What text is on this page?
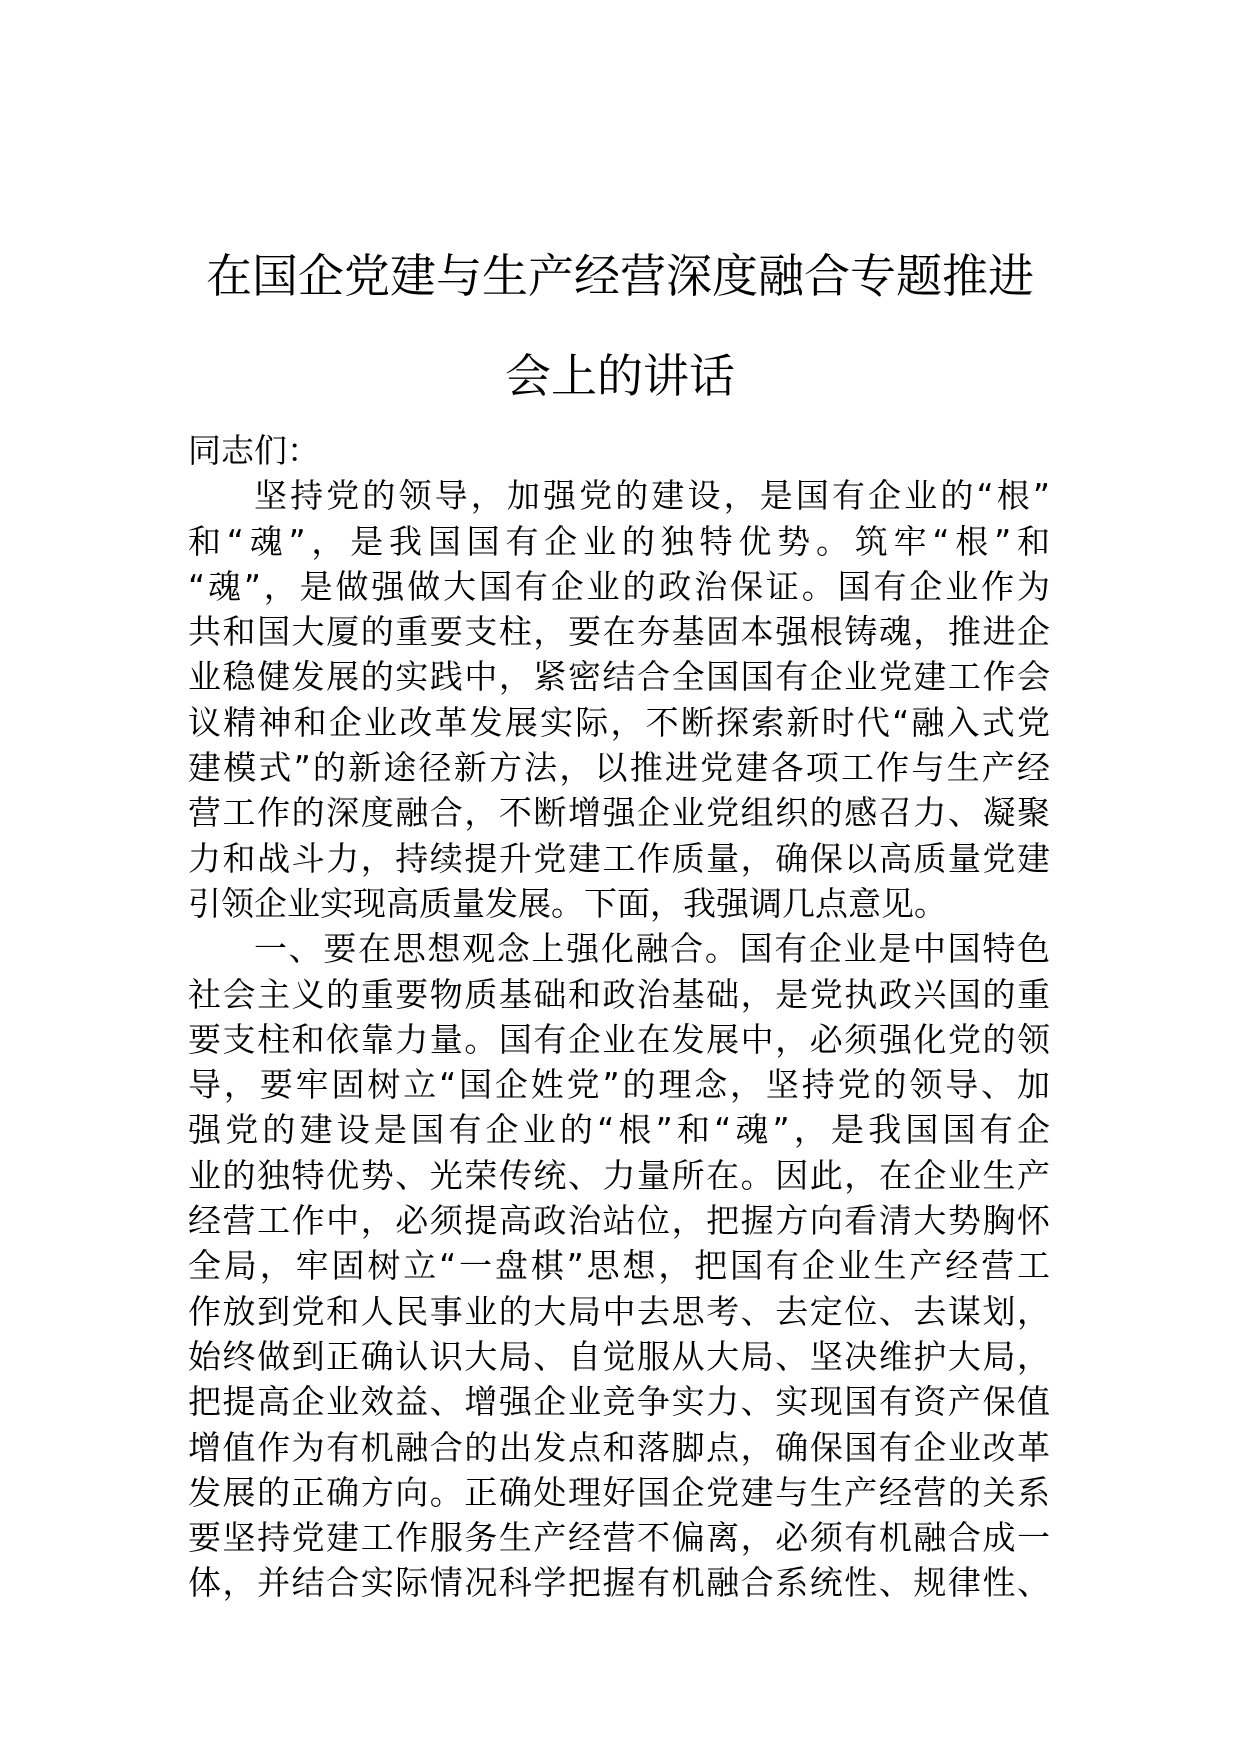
在国企党建与生产经营深度融合专题推进
会上的讲话
同志们：
坚持党的领导，加强党的建设，是国有企业的“根”
和“魂”，是我国国有企业的独特优势。筑牢“根”和
“魂”，是做强做大国有企业的政治保证。国有企业作为
共和国大厦的重要支柱，要在夯基固本强根铸魂，推进企
业稳健发展的实践中，紧密结合全国国有企业党建工作会
议精神和企业改革发展实际，不断探索新时代“融入式党
建模式”的新途径新方法，以推进党建各项工作与生产经
营工作的深度融合，不断增强企业党组织的感召力、凝聚
力和战斗力，持续提升党建工作质量，确保以高质量党建
引领企业实现高质量发展。下面，我强调几点意见。
一、要在思想观念上强化融合。国有企业是中国特色
社会主义的重要物质基础和政治基础，是党执政兴国的重
要支柱和依靠力量。国有企业在发展中，必须强化党的领
导，要牢固树立“国企姓党”的理念，坚持党的领导、加
强党的建设是国有企业的“根”和“魂”，是我国国有企
业的独特优势、光荣传统、力量所在。因此，在企业生产
经营工作中，必须提高政治站位，把握方向看清大势胸怀
全局，牢固树立“一盘棋”思想，把国有企业生产经营工
作放到党和人民事业的大局中去思考、去定位、去谋划，
始终做到正确认识大局、自觉服从大局、坚决维护大局，
把提高企业效益、增强企业竞争实力、实现国有资产保值
增值作为有机融合的出发点和落脚点，确保国有企业改革
发展的正确方向。正确处理好国企党建与生产经营的关系
要坚持党建工作服务生产经营不偏离，必须有机融合成一
体，并结合实际情况科学把握有机融合系统性、规律性、
